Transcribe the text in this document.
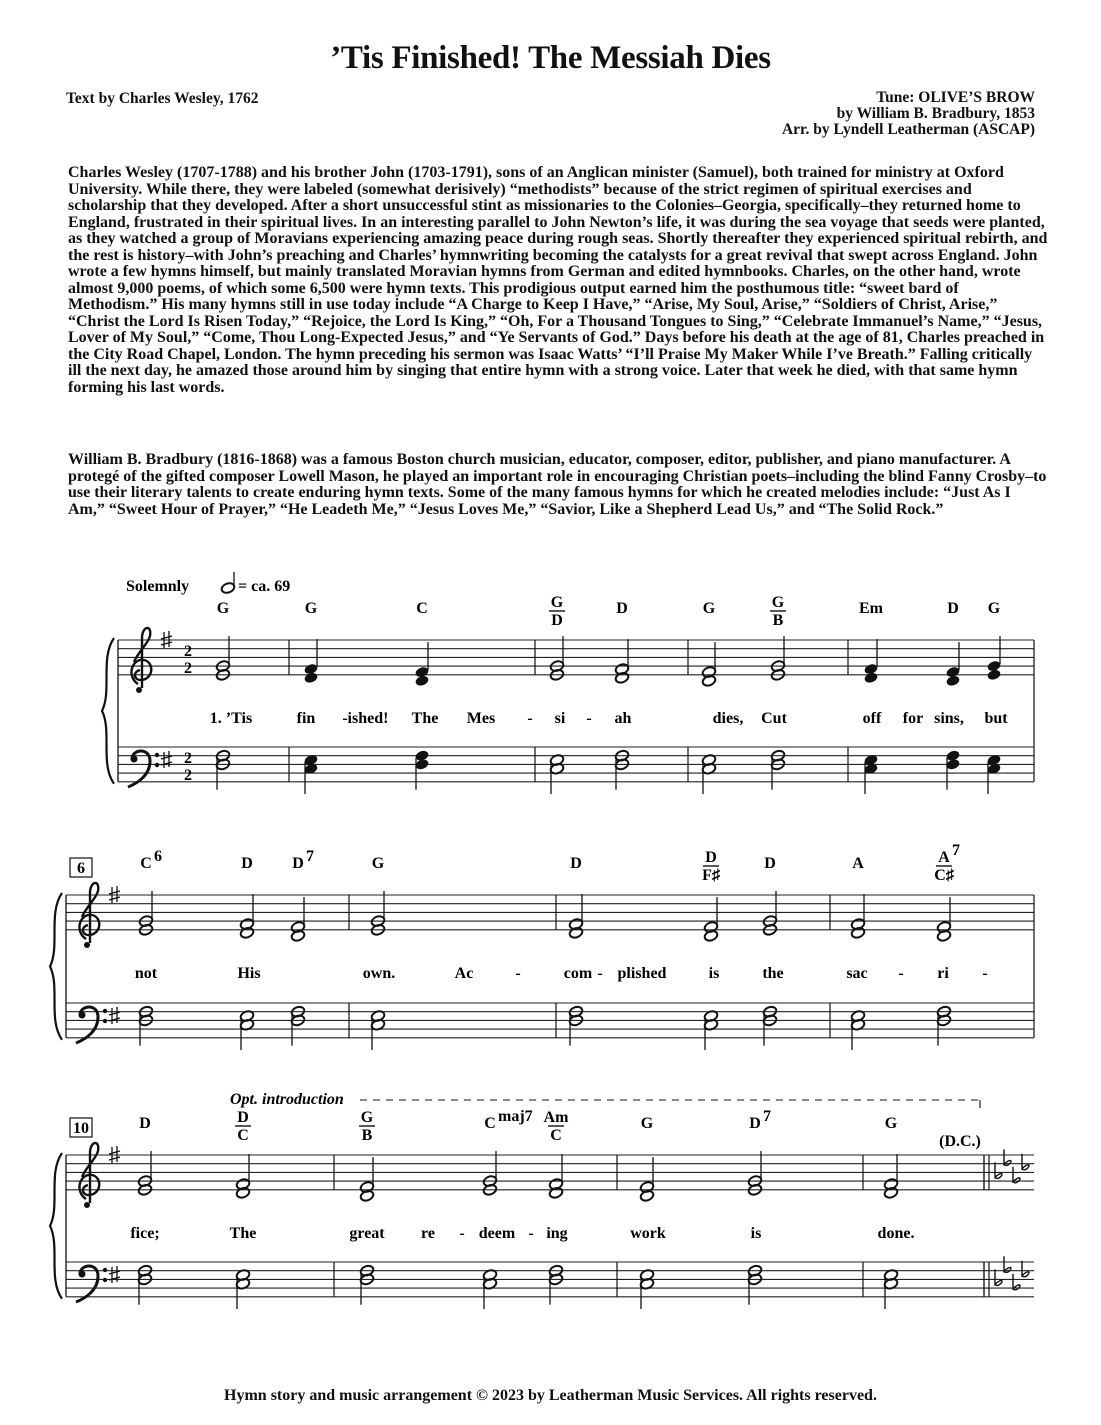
’Tis Finished! The Messiah Dies
Text by Charles Wesley, 1762	Tune: OLIVE’S BROW
by William B. Bradbury, 1853
Arr. by Lyndell Leatherman (ASCAP)
Charles Wesley (1707-1788) and his brother John (1703-1791), sons of an Anglican minister (Samuel), both trained for ministry at Oxford University. While there, they were labeled (somewhat derisively) “methodists” because of the strict regimen of spiritual exercises and scholarship that they developed. After a short unsuccessful stint as missionaries to the Colonies–Georgia, specifically–they returned home to England, frustrated in their spiritual lives. In an interesting parallel to John Newton’s life, it was during the sea voyage that seeds were planted, as they watched a group of Moravians experiencing amazing peace during rough seas. Shortly thereafter they experienced spiritual rebirth, and the rest is history–with John’s preaching and Charles’ hymnwriting becoming the catalysts for a great revival that swept across England. John wrote a few hymns himself, but mainly translated Moravian hymns from German and edited hymnbooks. Charles, on the other hand, wrote almost 9,000 poems, of which some 6,500 were hymn texts. This prodigious output earned him the posthumous title: “sweet bard of Methodism.” His many hymns still in use today include “A Charge to Keep I Have,” “Arise, My Soul, Arise,” “Soldiers of Christ, Arise,” “Christ the Lord Is Risen Today,” “Rejoice, the Lord Is King,” “Oh, For a Thousand Tongues to Sing,” “Celebrate Immanuel’s Name,” “Jesus, Lover of My Soul,” “Come, Thou Long-Expected Jesus,” and “Ye Servants of God.” Days before his death at the age of 81, Charles preached in the City Road Chapel, London. The hymn preceding his sermon was Isaac Watts’ “I’ll Praise My Maker While I’ve Breath.” Falling critically ill the next day, he amazed those around him by singing that entire hymn with a strong voice. Later that week he died, with that same hymn forming his last words.
William B. Bradbury (1816-1868) was a famous Boston church musician, educator, composer, editor, publisher, and piano manufacturer. A protegé of the gifted composer Lowell Mason, he played an important role in encouraging Christian poets–including the blind Fanny Crosby–to use their literary talents to create enduring hymn texts. Some of the many famous hymns for which he created melodies include: “Just As I Am,” “Sweet Hour of Prayer,” “He Leadeth Me,” “Jesus Loves Me,” “Savior, Like a Shepherd Lead Us,” and “The Solid Rock.”
G	G	C	G
D
D	G	G
B
Em	D G
1. ’Tis	fin - ished! The Mes - si - ah	dies, Cut	off for sins, but
C 6	D D 7	G	D	D
F♯
D	A	A 7
C♯
not	His	own.	Ac	-	com - plished	is	the	sac - ri -
D	D
C
G
B
C maj7 Am
C
G	D 7	G
fice;	The	great re - deem - ing	work	is	done.
2
2
2
2
Solemnly	= ca. 69
6
10
Opt. introduction
(D.C.)
Hymn story and music arrangement © 2023 by Leatherman Music Services. All rights reserved.
